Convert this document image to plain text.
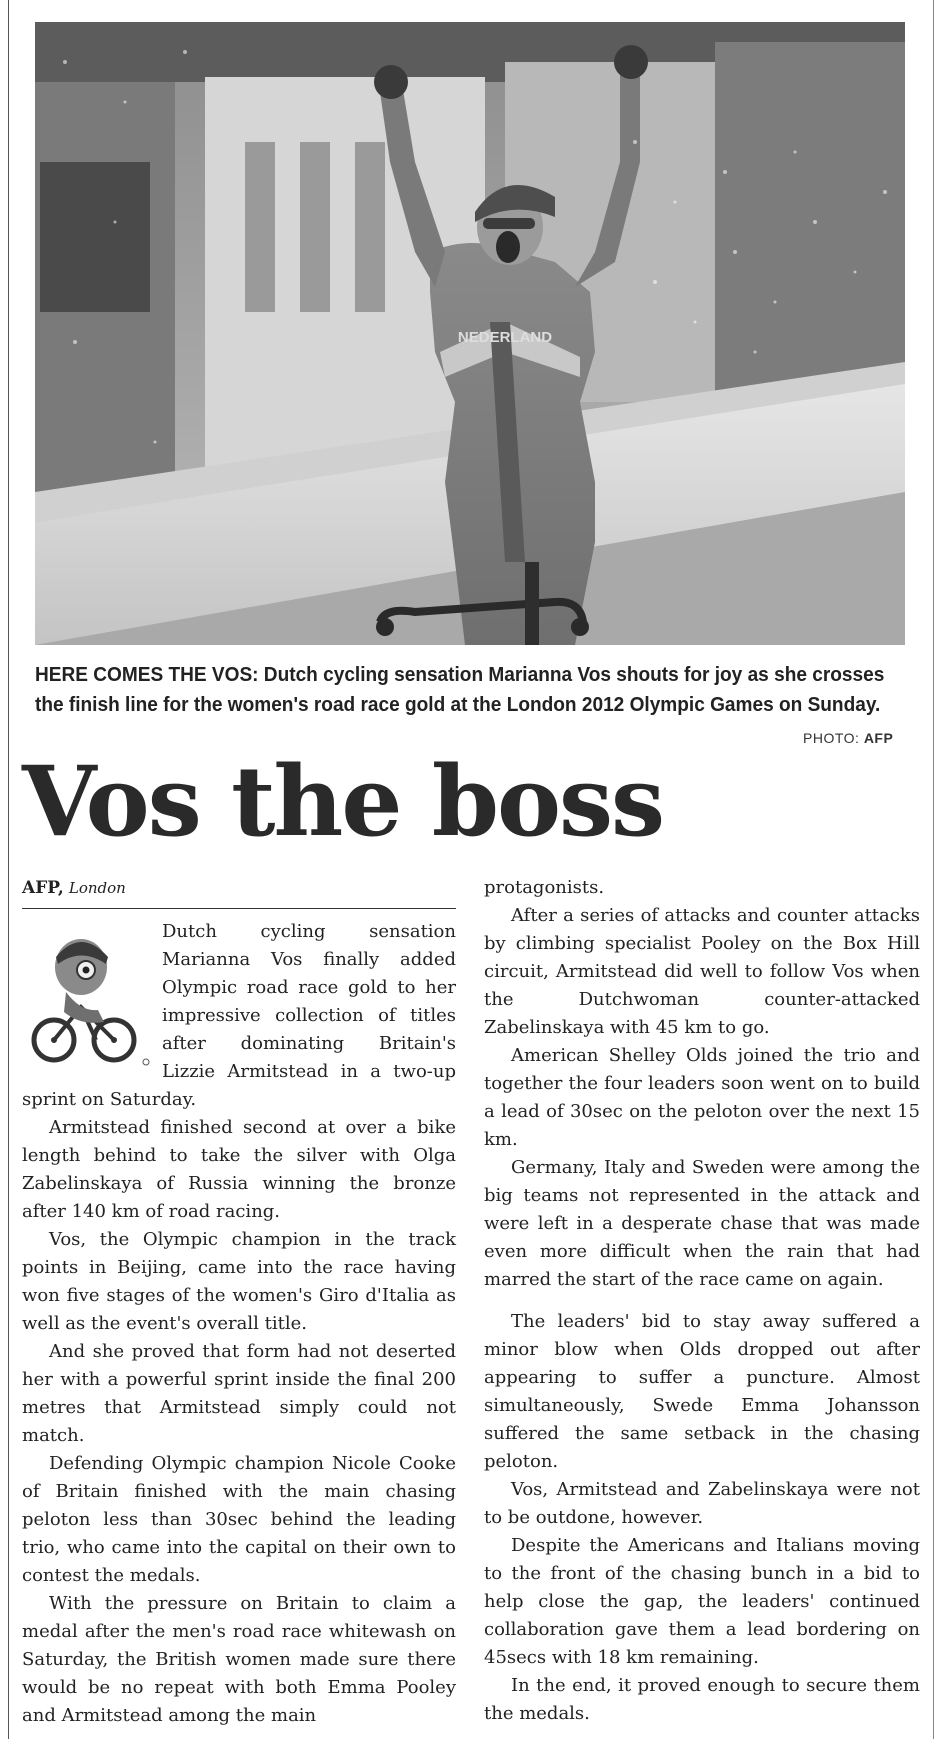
NEDERLAND
HERE COMES THE VOS: Dutch cycling sensation Marianna Vos shouts for joy as she crosses the finish line for the women's road race gold at the London 2012 Olympic Games on Sunday.
PHOTO: AFP
Vos the boss
AFP, London

Dutch cycling sensation Marianna Vos finally added Olympic road race gold to her impressive collection of titles after dominating Britain's Lizzie Armitstead in a two-up

sprint on Saturday.

Armitstead finished second at over a bike length behind to take the silver with Olga Zabelinskaya of Russia winning the bronze after 140 km of road racing.

Vos, the Olympic champion in the track points in Beijing, came into the race having won five stages of the women's Giro d'Italia as well as the event's overall title.

And she proved that form had not deserted her with a powerful sprint inside the final 200 metres that Armitstead simply could not match.

Defending Olympic champion Nicole Cooke of Britain finished with the main chasing peloton less than 30sec behind the leading trio, who came into the capital on their own to contest the medals.

With the pressure on Britain to claim a medal after the men's road race whitewash on Saturday, the British women made sure there would be no repeat with both Emma Pooley and Armitstead among the main

protagonists.

After a series of attacks and counter attacks by climbing specialist Pooley on the Box Hill circuit, Armitstead did well to follow Vos when the Dutchwoman counter-attacked Zabelinskaya with 45 km to go.

American Shelley Olds joined the trio and together the four leaders soon went on to build a lead of 30sec on the peloton over the next 15 km.

Germany, Italy and Sweden were among the big teams not represented in the attack and were left in a desperate chase that was made even more difficult when the rain that had marred the start of the race came on again.

The leaders' bid to stay away suffered a minor blow when Olds dropped out after appearing to suffer a puncture. Almost simultaneously, Swede Emma Johansson suffered the same setback in the chasing peloton.

Vos, Armitstead and Zabelinskaya were not to be outdone, however.

Despite the Americans and Italians moving to the front of the chasing bunch in a bid to help close the gap, the leaders' continued collaboration gave them a lead bordering on 45secs with 18 km remaining.

In the end, it proved enough to secure them the medals.
